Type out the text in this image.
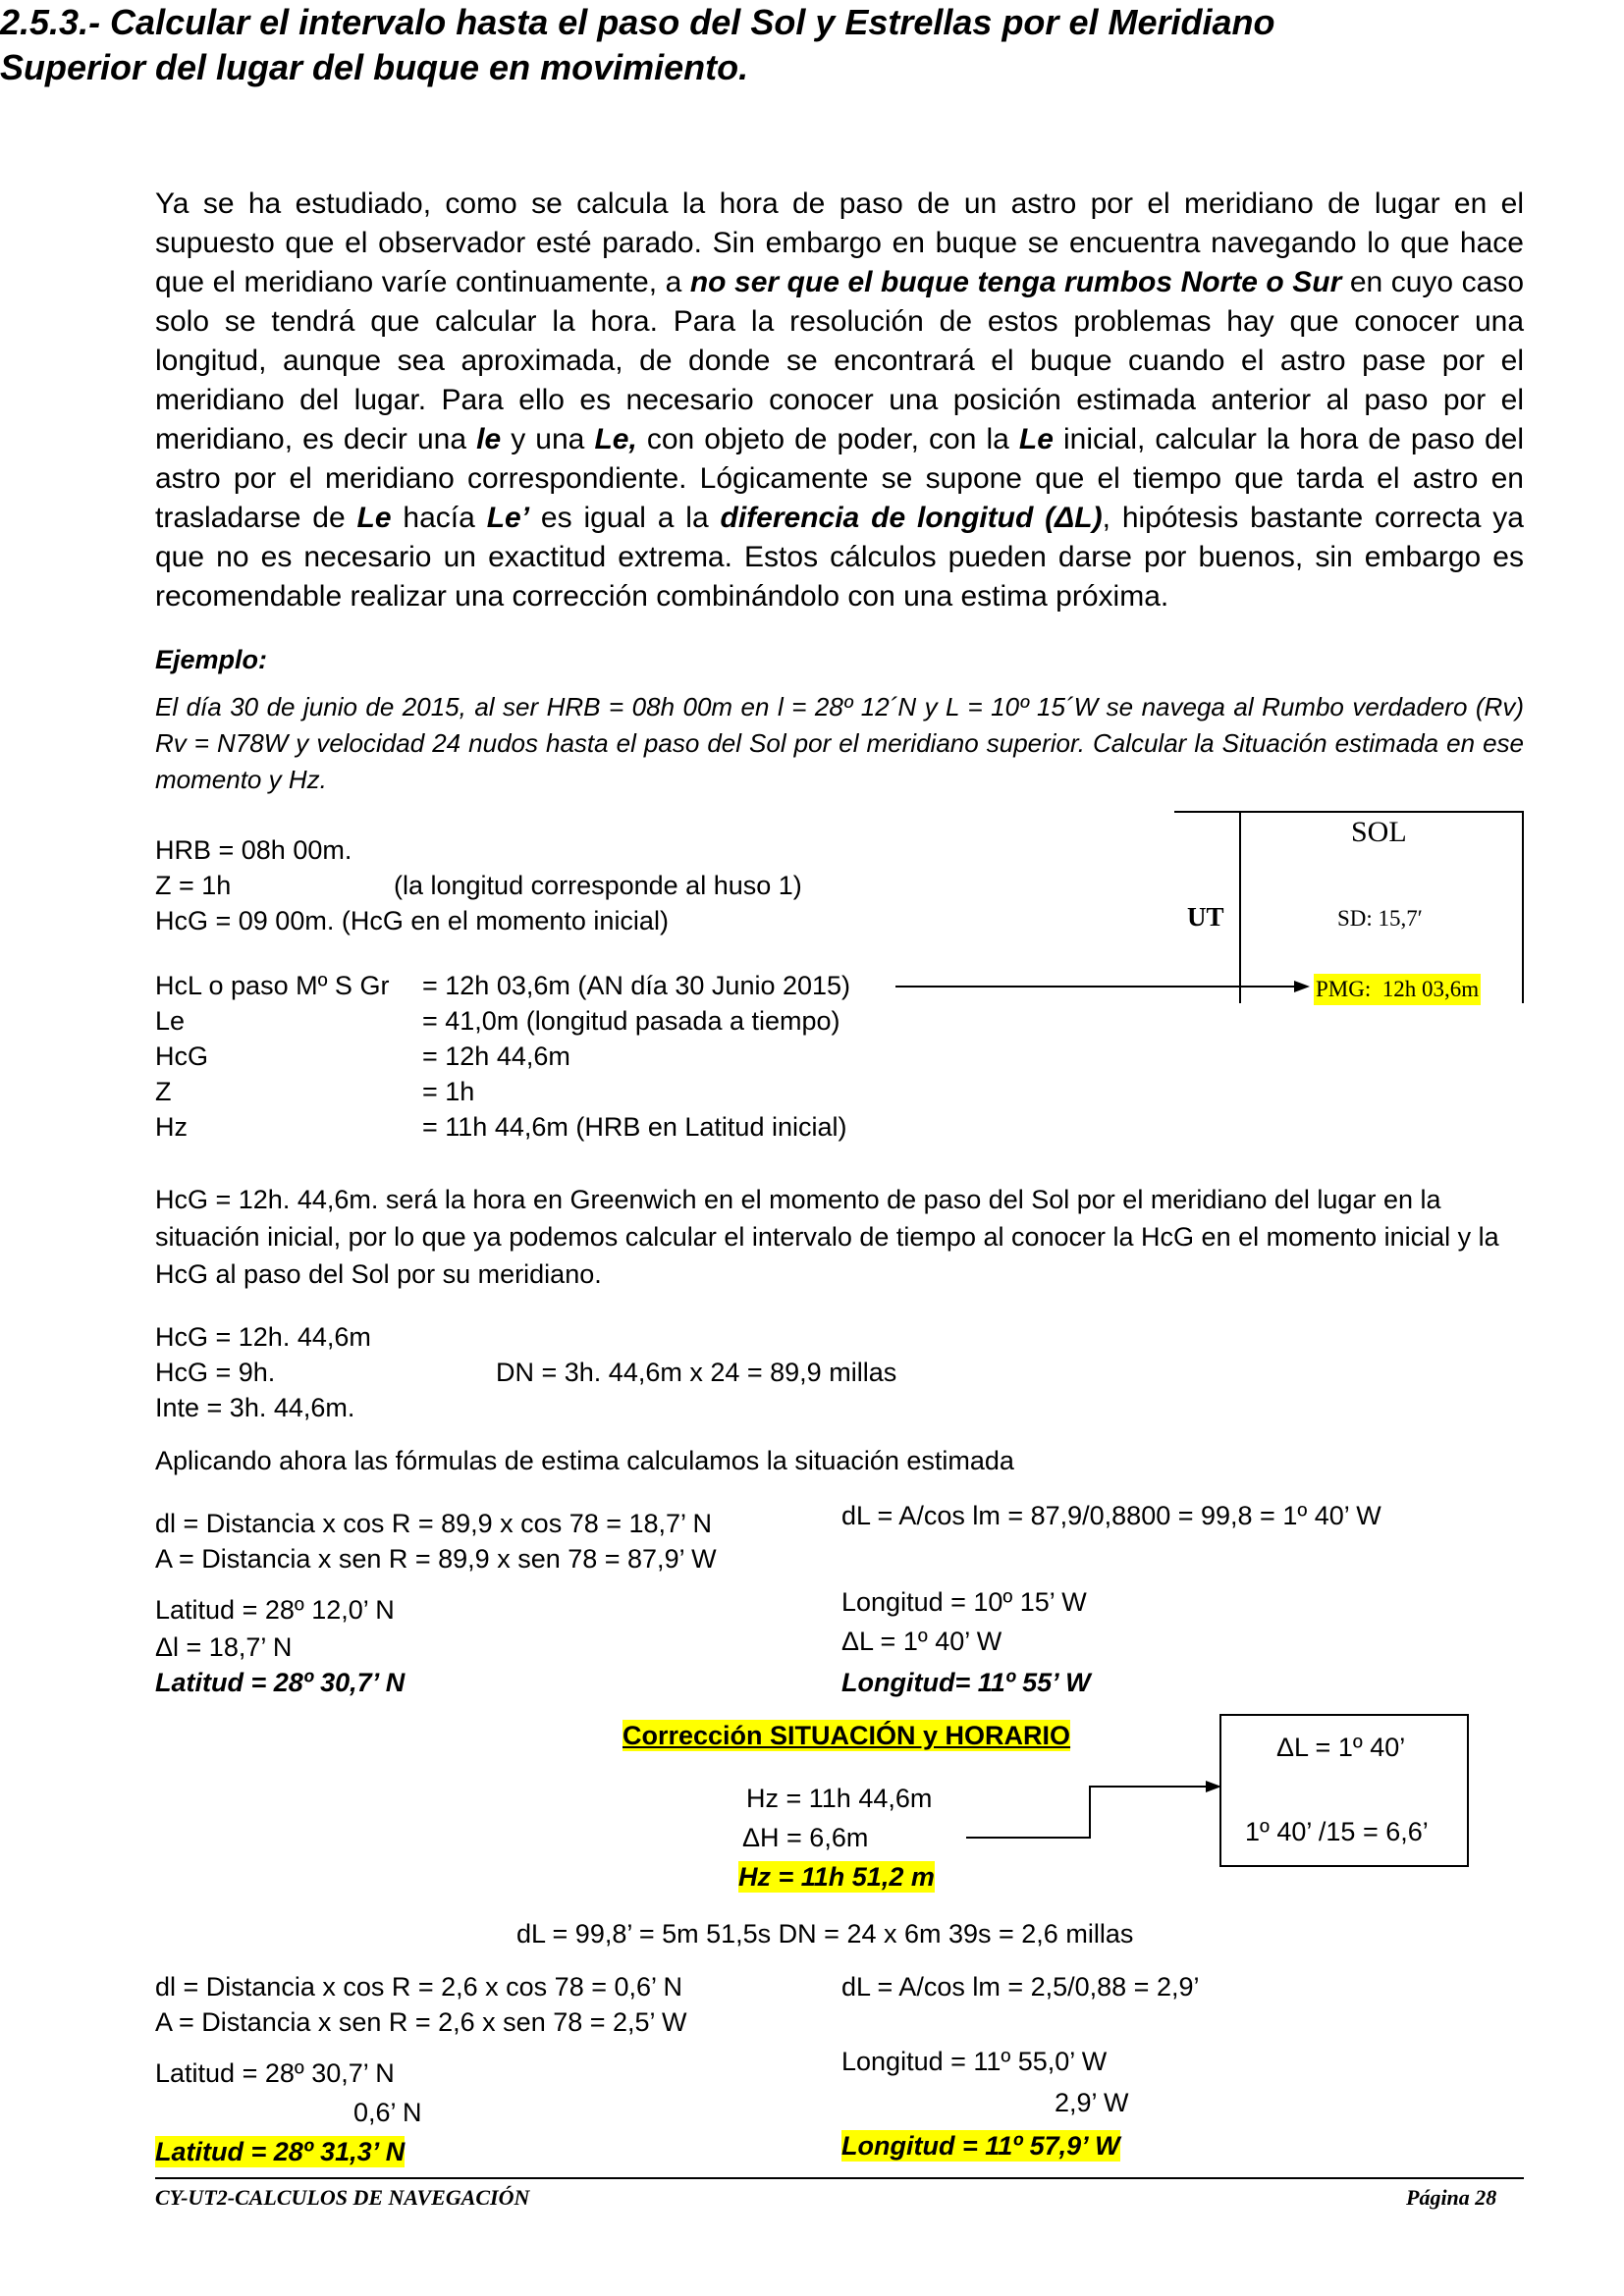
2.5.3.- Calcular el intervalo hasta el paso del Sol y Estrellas por el Meridiano Superior del lugar del buque en movimiento.
Ya se ha estudiado, como se calcula la hora de paso de un astro por el meridiano de lugar en el supuesto que el observador esté parado. Sin embargo en buque se encuentra navegando lo que hace que el meridiano varíe continuamente, a no ser que el buque tenga rumbos Norte o Sur en cuyo caso solo se tendrá que calcular la hora. Para la resolución de estos problemas hay que conocer una longitud, aunque sea aproximada, de donde se encontrará el buque cuando el astro pase por el meridiano del lugar. Para ello es necesario conocer una posición estimada anterior al paso por el meridiano, es decir una le y una Le, con objeto de poder, con la Le inicial, calcular la hora de paso del astro por el meridiano correspondiente. Lógicamente se supone que el tiempo que tarda el astro en trasladarse de Le hacía Le’ es igual a la diferencia de longitud (ΔL), hipótesis bastante correcta ya que no es necesario un exactitud extrema. Estos cálculos pueden darse por buenos, sin embargo es recomendable realizar una corrección combinándolo con una estima próxima.
Ejemplo:
El día 30 de junio de 2015, al ser HRB = 08h 00m en l = 28º 12´N y L = 10º 15´W se navega al Rumbo verdadero (Rv) Rv = N78W y velocidad 24 nudos hasta el paso del Sol por el meridiano superior. Calcular la Situación estimada en ese momento y Hz.
HRB = 08h 00m.
Z = 1h	(la longitud corresponde al huso 1)
HcG = 09 00m. (HcG en el momento inicial)
SOL
UT	SD: 15,7′
PMG: 12h 03,6m
HcL o paso Mº S Gr = 12h 03,6m (AN día 30 Junio 2015)
Le	= 41,0m (longitud pasada a tiempo)
HcG	= 12h 44,6m
Z	= 1h
Hz	= 11h 44,6m (HRB en Latitud inicial)
HcG = 12h. 44,6m. será la hora en Greenwich en el momento de paso del Sol por el meridiano del lugar en la situación inicial, por lo que ya podemos calcular el intervalo de tiempo al conocer la HcG en el momento inicial y la HcG al paso del Sol por su meridiano.
HcG = 12h. 44,6m
HcG = 9h.
Inte = 3h. 44,6m.
DN = 3h. 44,6m x 24 = 89,9 millas
Aplicando ahora las fórmulas de estima calculamos la situación estimada
dl = Distancia x cos R = 89,9 x cos 78 = 18,7’ N
A = Distancia x sen R = 89,9 x sen 78 = 87,9’ W
dL = A/cos lm = 87,9/0,8800 = 99,8 = 1º 40’ W
Latitud = 28º 12,0’ N
Δl = 18,7’ N
Latitud = 28º 30,7’ N
Longitud = 10º 15’ W
ΔL = 1º 40’ W
Longitud= 11º 55’ W
Corrección SITUACIÓN y HORARIO
Hz = 11h 44,6m
ΔH = 6,6m
Hz = 11h 51,2 m
ΔL = 1º 40’
1º 40’ /15 = 6,6’
dL = 99,8’ = 5m 51,5s DN = 24 x 6m 39s = 2,6 millas
dl = Distancia x cos R = 2,6 x cos 78 = 0,6’ N
A = Distancia x sen R = 2,6 x sen 78 = 2,5’ W
dL = A/cos lm = 2,5/0,88 = 2,9’
Latitud = 28º 30,7’ N
0,6’ N
Latitud = 28º 31,3’ N
Longitud = 11º 55,0’ W
2,9’ W
Longitud = 11º 57,9’ W
CY-UT2-CALCULOS DE NAVEGACIÓN	Página 28
